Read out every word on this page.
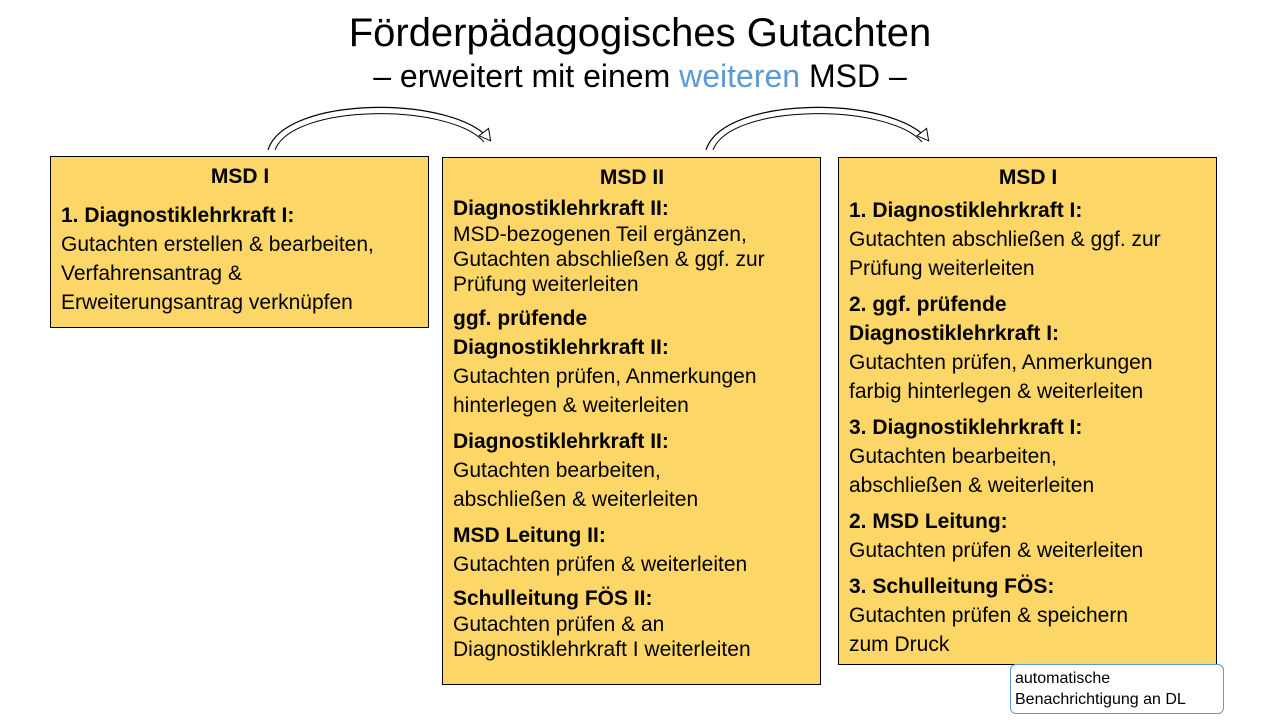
Förderpädagogisches Gutachten
– erweitert mit einem weiteren MSD –
MSD I
1. Diagnostiklehrkraft I:
Gutachten erstellen & bearbeiten,
Verfahrensantrag &
Erweiterungsantrag verknüpfen
MSD II
Diagnostiklehrkraft II:
MSD-bezogenen Teil ergänzen,
Gutachten abschließen & ggf. zur
Prüfung weiterleiten
ggf. prüfende
Diagnostiklehrkraft II:
Gutachten prüfen, Anmerkungen
hinterlegen & weiterleiten
Diagnostiklehrkraft II:
Gutachten bearbeiten,
abschließen & weiterleiten
MSD Leitung II:
Gutachten prüfen & weiterleiten
Schulleitung FÖS II:
Gutachten prüfen & an
Diagnostiklehrkraft I weiterleiten
MSD I
1. Diagnostiklehrkraft I:
Gutachten abschließen & ggf. zur
Prüfung weiterleiten
2. ggf. prüfende
Diagnostiklehrkraft I:
Gutachten prüfen, Anmerkungen
farbig hinterlegen & weiterleiten
3. Diagnostiklehrkraft I:
Gutachten bearbeiten,
abschließen & weiterleiten
2. MSD Leitung:
Gutachten prüfen & weiterleiten
3. Schulleitung FÖS:
Gutachten prüfen & speichern
zum Druck
automatische
Benachrichtigung an DL
